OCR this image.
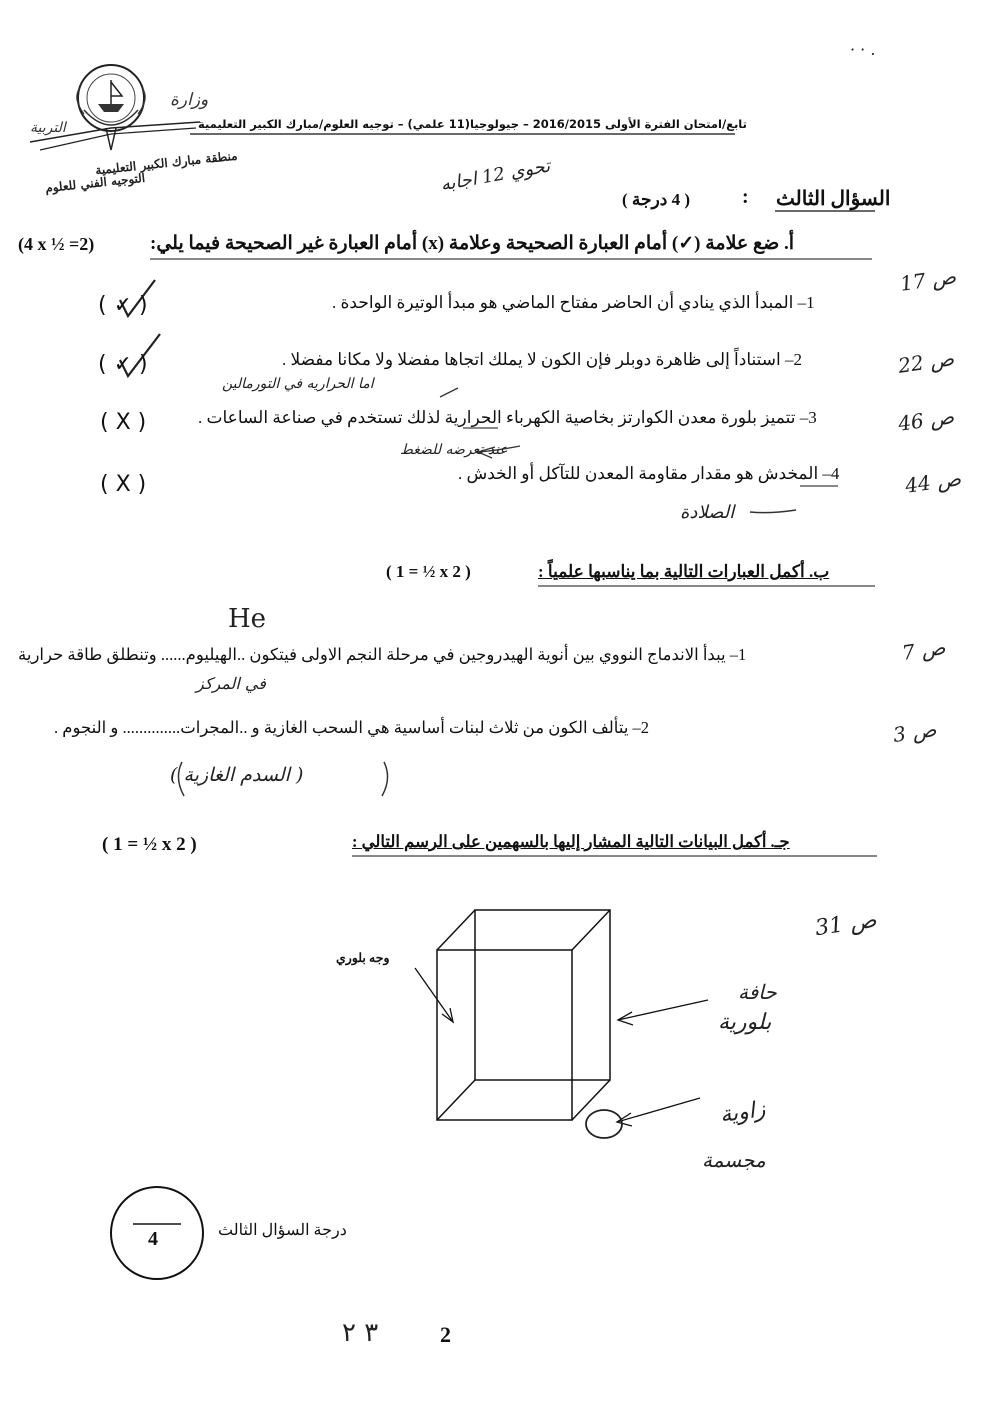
· · .
وزارة
التربية	تابع/امتحان الفترة الأولى 2016/2015 – جيولوجيا(11 علمي) – توجيه العلوم/مبارك الكبير التعليمية
منطقة مبارك الكبير التعليمية
التوجيه الفني للعلوم
السؤال الثالث
:
( 4 درجة )
تحوي 12 اجابه
أ. ضع علامة (✓) أمام العبارة الصحيحة وعلامة (x) أمام العبارة غير الصحيحة فيما يلي:
(4 x ½ =2)
1– المبدأ الذي ينادي أن الحاضر مفتاح الماضي هو مبدأ الوتيرة الواحدة .
( ✓ )
ص 17
2– استناداً إلى ظاهرة دوبلر فإن الكون لا يملك اتجاها مفضلا ولا مكانا مفضلا .
( ✓ )	ص 22
اما الحراريه في التورمالين
3– تتميز بلورة معدن الكوارتز بخاصية الكهرباء الحرارية لذلك تستخدم في صناعة الساعات .
( X )	ص 46
عند تعرضه للضغط
4– المخدش هو مقدار مقاومة المعدن للتآكل أو الخدش .
( X )	ص 44
الصلادة
ب. أكمل العبارات التالية بما يناسبها علمياً :
( 1 = ½ x 2 )
He
1– يبدأ الاندماج النووي بين أنوية الهيدروجين في مرحلة النجم الاولى فيتكون ..الهيليوم...... وتنطلق طاقة حرارية
في المركز
ص 7
2– يتألف الكون من ثلاث لبنات أساسية هي السحب الغازية و ..المجرات.............. و النجوم .	ص 3
( السدم الغازية )
جـ. أكمل البيانات التالية المشار إليها بالسهمين على الرسم التالي :
( 1 = ½ x 2 )
ص 31
وجه بلوري
حافة
بلورية
زاوية
مجسمة
4	درجة السؤال الثالث
٣ ٢	2
